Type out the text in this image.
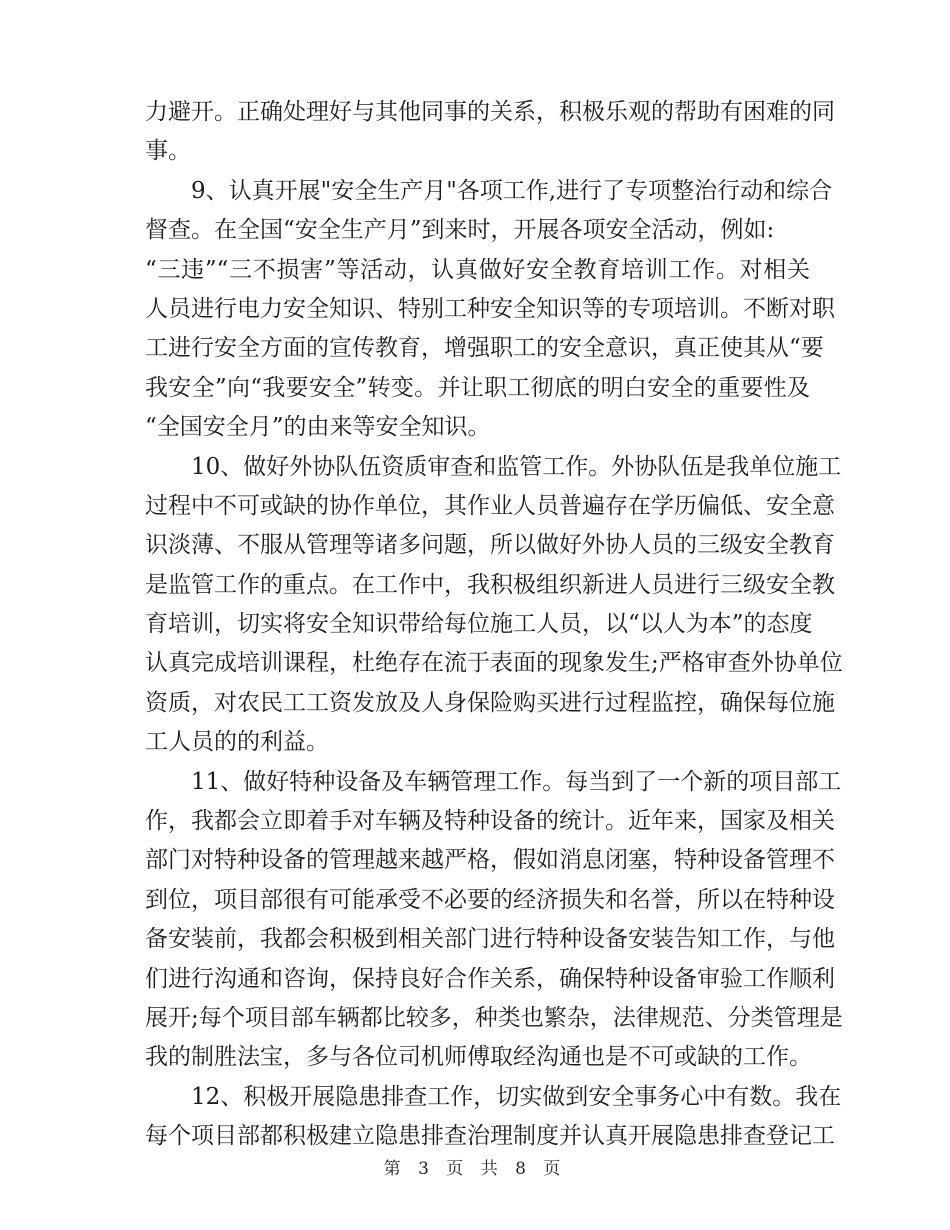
力避开。正确处理好与其他同事的关系，积极乐观的帮助有困难的同
事。
　　9、认真开展"安全生产月"各项工作,进行了专项整治行动和综合
督查。在全国“安全生产月”到来时，开展各项安全活动，例如:
“三违”“三不损害”等活动，认真做好安全教育培训工作。对相关
人员进行电力安全知识、特别工种安全知识等的专项培训。不断对职
工进行安全方面的宣传教育，增强职工的安全意识，真正使其从“要
我安全”向“我要安全”转变。并让职工彻底的明白安全的重要性及
“全国安全月”的由来等安全知识。
　　10、做好外协队伍资质审查和监管工作。外协队伍是我单位施工
过程中不可或缺的协作单位，其作业人员普遍存在学历偏低、安全意
识淡薄、不服从管理等诸多问题，所以做好外协人员的三级安全教育
是监管工作的重点。在工作中，我积极组织新进人员进行三级安全教
育培训，切实将安全知识带给每位施工人员，以“以人为本”的态度
认真完成培训课程，杜绝存在流于表面的现象发生;严格审查外协单位
资质，对农民工工资发放及人身保险购买进行过程监控，确保每位施
工人员的的利益。
　　11、做好特种设备及车辆管理工作。每当到了一个新的项目部工
作，我都会立即着手对车辆及特种设备的统计。近年来，国家及相关
部门对特种设备的管理越来越严格，假如消息闭塞，特种设备管理不
到位，项目部很有可能承受不必要的经济损失和名誉，所以在特种设
备安装前，我都会积极到相关部门进行特种设备安装告知工作，与他
们进行沟通和咨询，保持良好合作关系，确保特种设备审验工作顺利
展开;每个项目部车辆都比较多，种类也繁杂，法律规范、分类管理是
我的制胜法宝，多与各位司机师傅取经沟通也是不可或缺的工作。
　　12、积极开展隐患排查工作，切实做到安全事务心中有数。我在
每个项目部都积极建立隐患排查治理制度并认真开展隐患排查登记工
第 3 页 共 8 页
